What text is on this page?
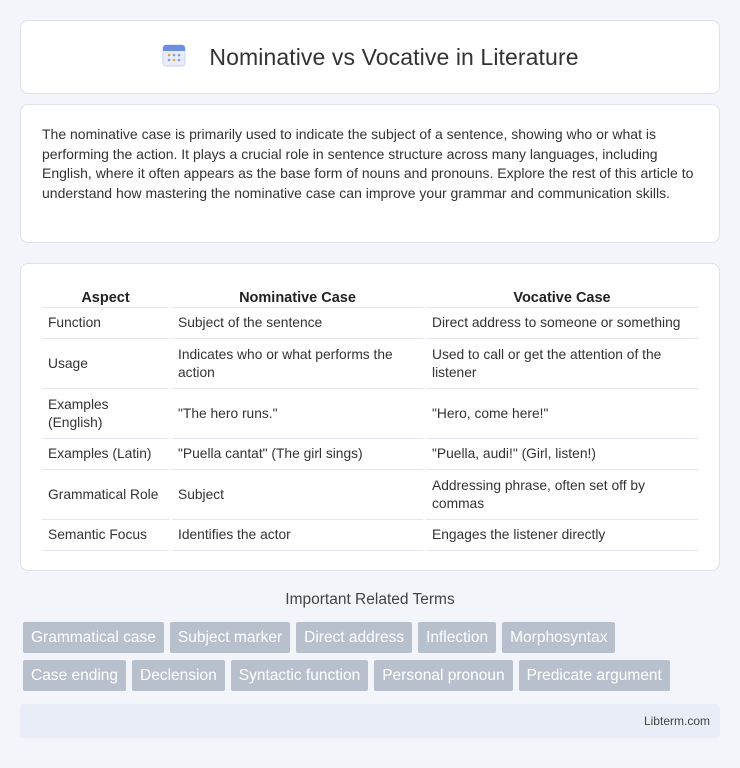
Nominative vs Vocative in Literature

The nominative case is primarily used to indicate the subject of a sentence, showing who or what is performing the action. It plays a crucial role in sentence structure across many languages, including English, where it often appears as the base form of nouns and pronouns. Explore the rest of this article to understand how mastering the nominative case can improve your grammar and communication skills.

Aspect	Nominative Case	Vocative Case
Function	Subject of the sentence	Direct address to someone or something
Usage	Indicates who or what performs the action	Used to call or get the attention of the listener
Examples (English)	"The hero runs."	"Hero, come here!"
Examples (Latin)	"Puella cantat" (The girl sings)	"Puella, audi!" (Girl, listen!)
Grammatical Role	Subject	Addressing phrase, often set off by commas
Semantic Focus	Identifies the actor	Engages the listener directly
Important Related Terms
Grammatical case	Subject marker	Direct address	Inflection	Morphosyntax
Case ending	Declension	Syntactic function	Personal pronoun	Predicate argument
Libterm.com
